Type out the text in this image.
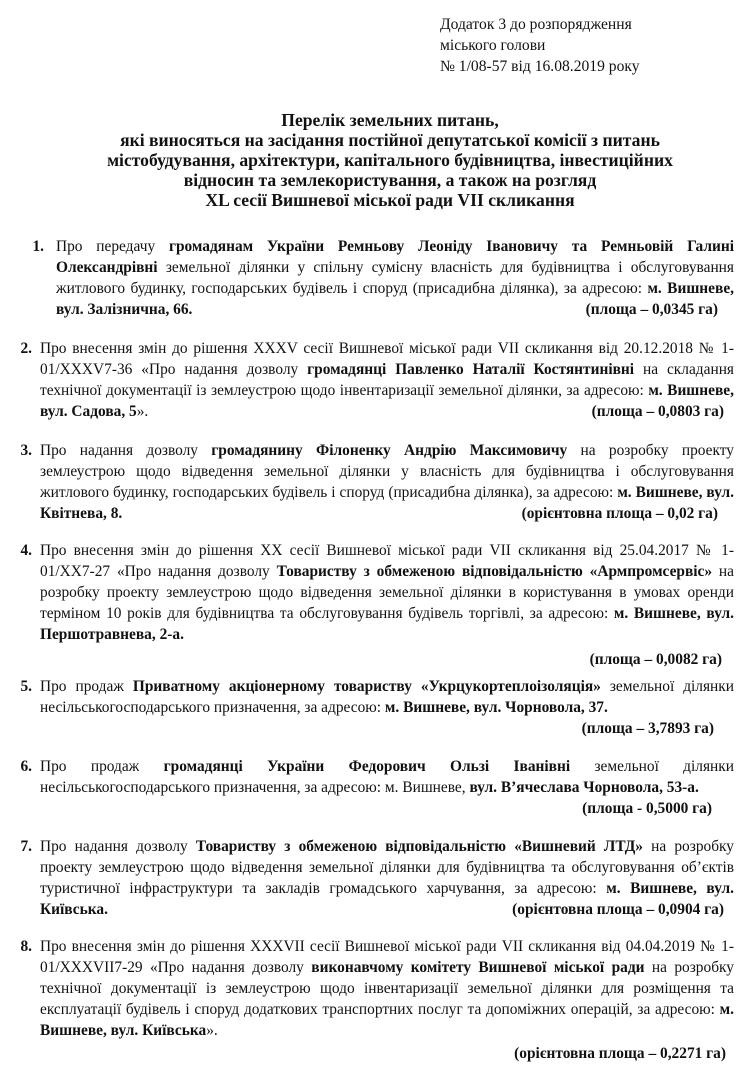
Додаток 3 до розпорядження
міського голови
№ 1/08-57 від 16.08.2019 року
Перелік земельних питань,
які виносяться на засідання постійної депутатської комісії з питань
містобудування, архітектури, капітального будівництва, інвестиційних
відносин та землекористування, а також на розгляд
XL сесії Вишневої міської ради VII скликання
1. Про передачу громадянам України Ремньову Леоніду Івановичу та Ремньовій Галині Олександрівні земельної ділянки у спільну сумісну власність для будівництва і обслуговування житлового будинку, господарських будівель і споруд (присадибна ділянка), за адресою: м. Вишневе, вул. Залізнична, 66.	(площа – 0,0345 га)

2. Про внесення змін до рішення XXXV сесії Вишневої міської ради VII скликання від 20.12.2018 № 1-01/XXXV7-36 «Про надання дозволу громадянці Павленко Наталії Костянтинівні на складання технічної документації із землеустрою щодо інвентаризації земельної ділянки, за адресою: м. Вишневе, вул. Садова, 5».	(площа – 0,0803 га)

3. Про надання дозволу громадянину Філоненку Андрію Максимовичу на розробку проекту землеустрою щодо відведення земельної ділянки у власність для будівництва і обслуговування житлового будинку, господарських будівель і споруд (присадибна ділянка), за адресою: м. Вишневе, вул. Квітнева, 8.	(орієнтовна площа – 0,02 га)

4. Про внесення змін до рішення XX сесії Вишневої міської ради VII скликання від 25.04.2017 № 1-01/XX7-27 «Про надання дозволу Товариству з обмеженою відповідальністю «Армпромсервіс» на розробку проекту землеустрою щодо відведення земельної ділянки в користування в умовах оренди терміном 10 років для будівництва та обслуговування будівель торгівлі, за адресою: м. Вишневе, вул. Першотравнева, 2-а.

(площа – 0,0082 га)
5. Про продаж Приватному акціонерному товариству «Укрцукортеплоізоляція» земельної ділянки несільськогосподарського призначення, за адресою: м. Вишневе, вул. Чорновола, 37.
(площа – 3,7893 га)

6. Про продаж громадянці України Федорович Ользі Іванівні земельної ділянки несільськогосподарського призначення, за адресою: м. Вишневе, вул. В’ячеслава Чорновола, 53-а.
(площа - 0,5000 га)

7. Про надання дозволу Товариству з обмеженою відповідальністю «Вишневий ЛТД» на розробку проекту землеустрою щодо відведення земельної ділянки для будівництва та обслуговування об’єктів туристичної інфраструктури та закладів громадського харчування, за адресою: м. Вишневе, вул. Київська.	(орієнтовна площа – 0,0904 га)

8. Про внесення змін до рішення XXXVII сесії Вишневої міської ради VII скликання від 04.04.2019 № 1-01/XXXVII7-29 «Про надання дозволу виконавчому комітету Вишневої міської ради на розробку технічної документації із землеустрою щодо інвентаризації земельної ділянки для розміщення та експлуатації будівель і споруд додаткових транспортних послуг та допоміжних операцій, за адресою: м. Вишневе, вул. Київська».

(орієнтовна площа – 0,2271 га)
